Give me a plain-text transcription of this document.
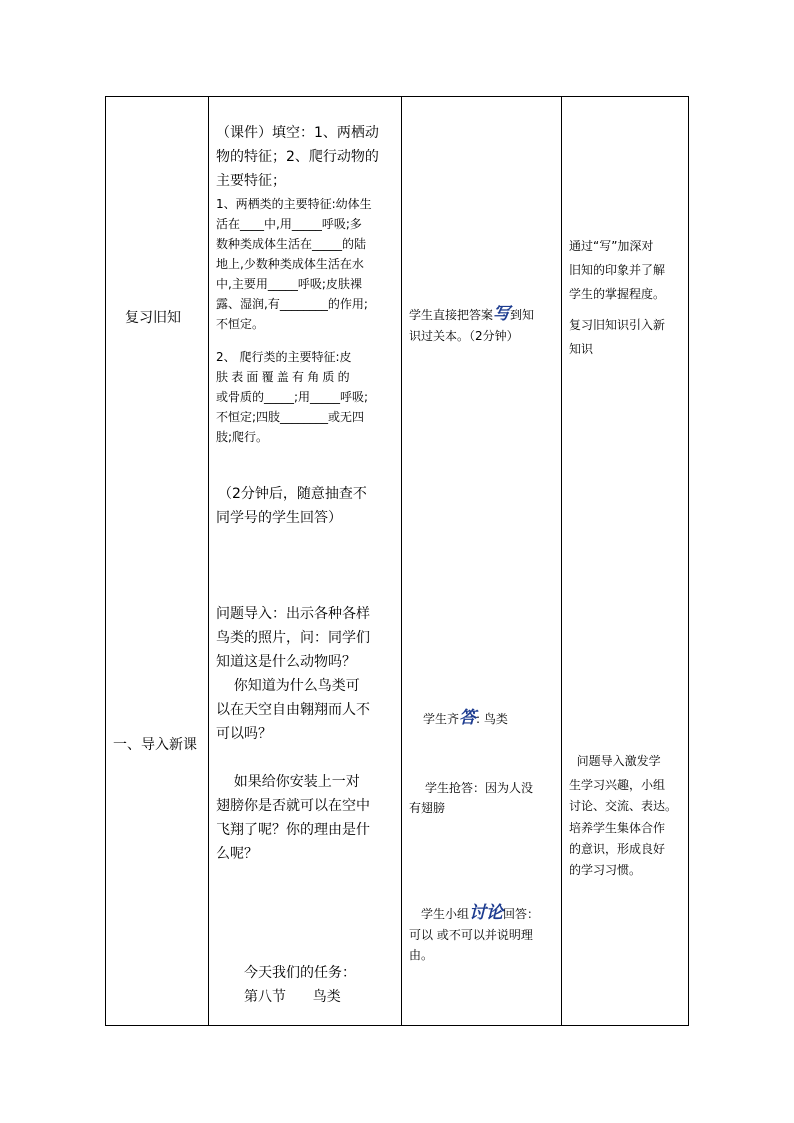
复习旧知
（课件）填空：1、两栖动
物的特征；2、爬行动物的
主要特征；
1、两栖类的主要特征:幼体生
活在____中,用_____呼吸;多
数种类成体生活在_____的陆
地上,少数种类成体生活在水
中,主要用_____呼吸;皮肤裸
露、湿润,有________的作用;
不恒定。
2、 爬行类的主要特征:皮
肤表面覆盖有角质的
或骨质的_____;用_____呼吸;
不恒定;四肢________或无四
肢;爬行。
（2分钟后，随意抽查不
同学号的学生回答）
学生直接把答案写到知
识过关本。（2分钟）
通过“写”加深对
旧知的印象并了解
学生的掌握程度。
复习旧知识引入新
知识
一、导入新课
问题导入：出示各种各样
鸟类的照片，问：同学们
知道这是什么动物吗？
你知道为什么鸟类可
以在天空自由翱翔而人不
可以吗？
如果给你安装上一对
翅膀你是否就可以在空中
飞翔了呢？你的理由是什
么呢？
今天我们的任务：
第八节      鸟类
学生齐答: 鸟类
学生抢答：因为人没
有翅膀
学生小组讨论回答：
可以 或不可以并说明理
由。
问题导入激发学
生学习兴趣，小组
讨论、交流、表达。
培养学生集体合作
的意识，形成良好
的学习习惯。
